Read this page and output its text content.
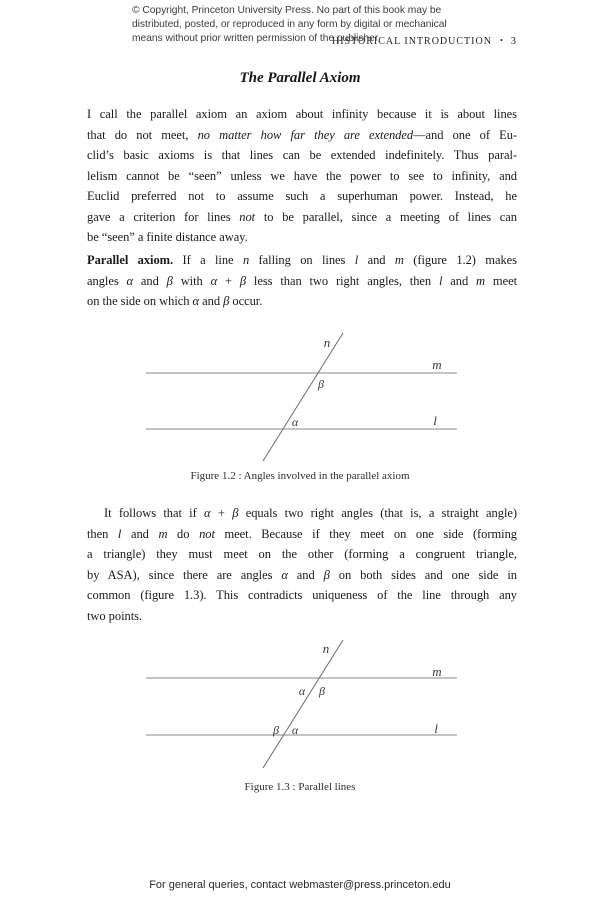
© Copyright, Princeton University Press. No part of this book may be
distributed, posted, or reproduced in any form by digital or mechanical
means without prior written permission of the publisher.
HISTORICAL INTRODUCTION • 3
The Parallel Axiom
I call the parallel axiom an axiom about infinity because it is about lines
that do not meet, no matter how far they are extended—and one of Eu-
clid’s basic axioms is that lines can be extended indefinitely. Thus paral-
lelism cannot be “seen” unless we have the power to see to infinity, and
Euclid preferred not to assume such a superhuman power. Instead, he
gave a criterion for lines not to be parallel, since a meeting of lines can
be “seen” a finite distance away.
Parallel axiom. If a line n falling on lines l and m (figure 1.2) makes
angles α and β with α + β less than two right angles, then l and m meet
on the side on which α and β occur.
n
m
β
α	l
Figure 1.2 : Angles involved in the parallel axiom
It follows that if α + β equals two right angles (that is, a straight angle)
then l and m do not meet. Because if they meet on one side (forming
a triangle) they must meet on the other (forming a congruent triangle,
by ASA), since there are angles α and β on both sides and one side in
common (figure 1.3). This contradicts uniqueness of the line through any
two points.
n
m
α β
β α	l
Figure 1.3 : Parallel lines
For general queries, contact webmaster@press.princeton.edu
